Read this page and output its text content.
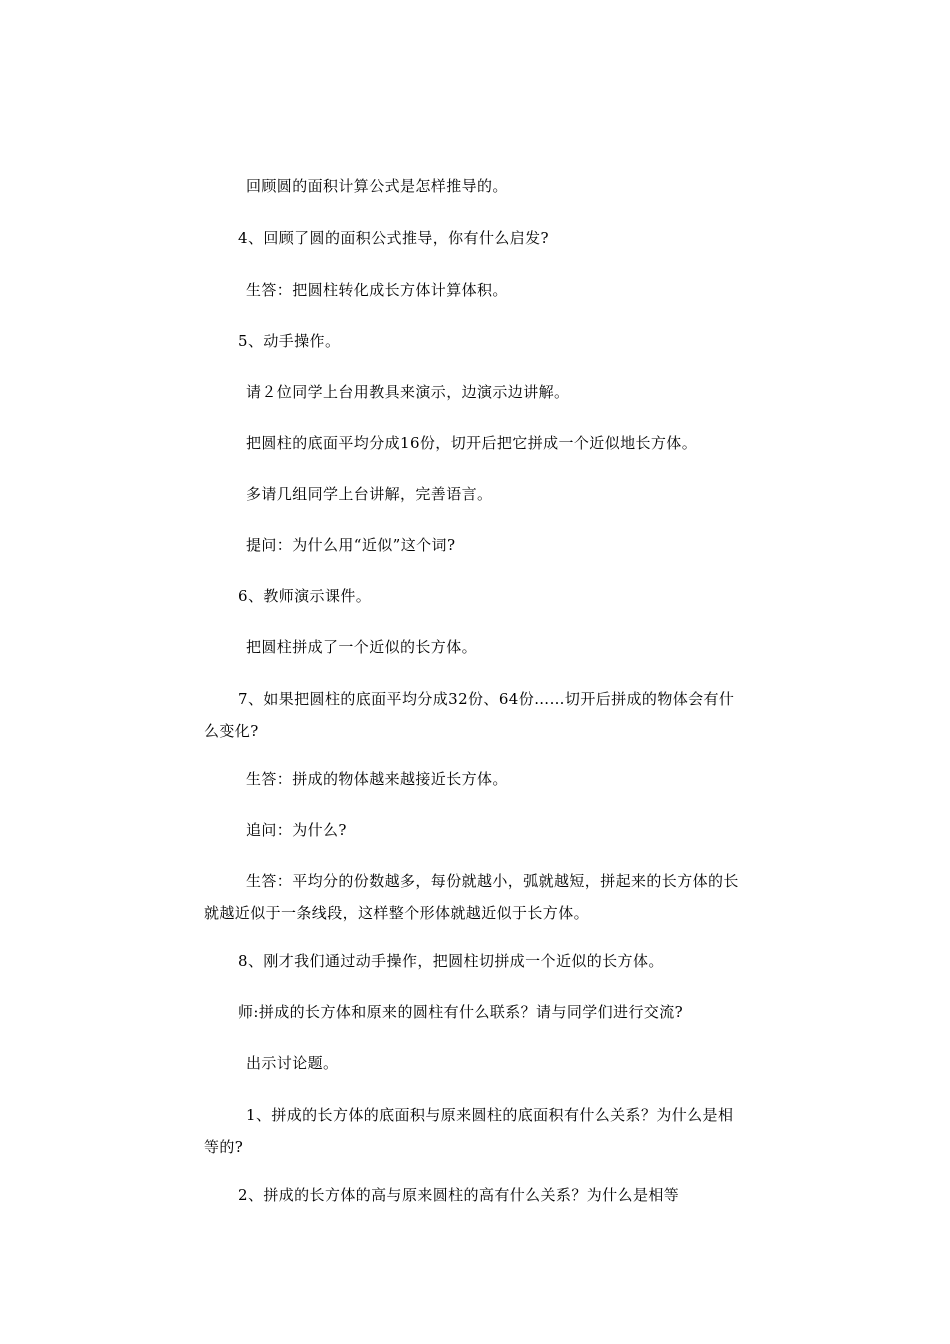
回顾圆的面积计算公式是怎样推导的。

4、回顾了圆的面积公式推导，你有什么启发?

生答：把圆柱转化成长方体计算体积。

5、动手操作。

请２位同学上台用教具来演示，边演示边讲解。

把圆柱的底面平均分成16份，切开后把它拼成一个近似地长方体。

多请几组同学上台讲解，完善语言。

提问：为什么用“近似”这个词?

6、教师演示课件。

把圆柱拼成了一个近似的长方体。

7、如果把圆柱的底面平均分成32份、64份……切开后拼成的物体会有什么变化?

生答：拼成的物体越来越接近长方体。

追问：为什么?

生答：平均分的份数越多，每份就越小，弧就越短，拼起来的长方体的长就越近似于一条线段，这样整个形体就越近似于长方体。

8、刚才我们通过动手操作，把圆柱切拼成一个近似的长方体。

师:拼成的长方体和原来的圆柱有什么联系？请与同学们进行交流?

出示讨论题。

1、拼成的长方体的底面积与原来圆柱的底面积有什么关系？为什么是相等的?

2、拼成的长方体的高与原来圆柱的高有什么关系？为什么是相等
